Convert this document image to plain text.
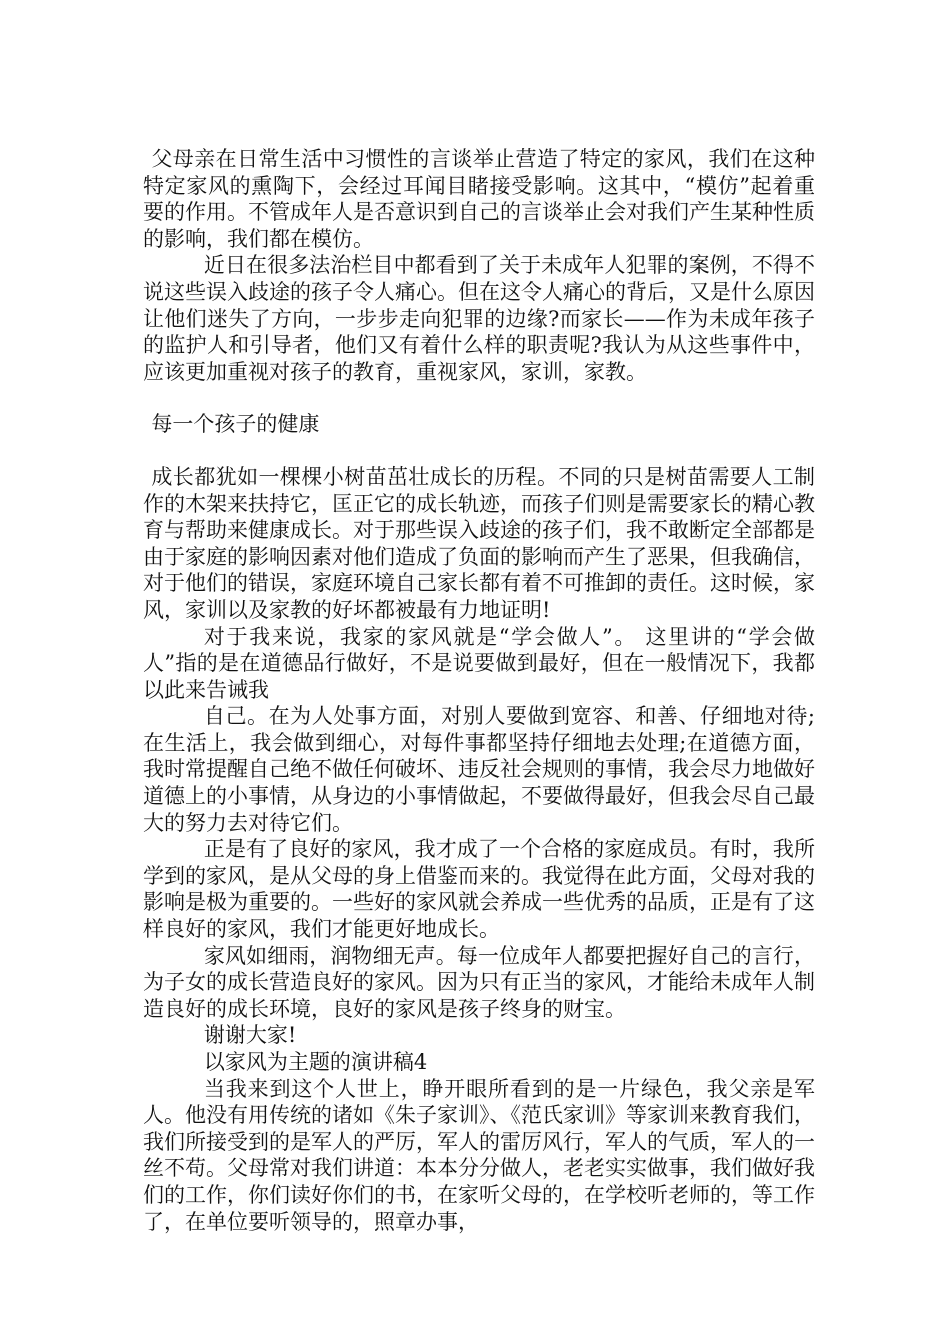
父母亲在日常生活中习惯性的言谈举止营造了特定的家风，我们在这种特定家风的熏陶下，会经过耳闻目睹接受影响。这其中，“模仿”起着重要的作用。不管成年人是否意识到自己的言谈举止会对我们产生某种性质的影响，我们都在模仿。

近日在很多法治栏目中都看到了关于未成年人犯罪的案例，不得不说这些误入歧途的孩子令人痛心。但在这令人痛心的背后，又是什么原因让他们迷失了方向，一步步走向犯罪的边缘?而家长——作为未成年孩子的监护人和引导者，他们又有着什么样的职责呢?我认为从这些事件中，应该更加重视对孩子的教育，重视家风，家训，家教。

每一个孩子的健康

成长都犹如一棵棵小树苗茁壮成长的历程。不同的只是树苗需要人工制作的木架来扶持它，匡正它的成长轨迹，而孩子们则是需要家长的精心教育与帮助来健康成长。对于那些误入歧途的孩子们，我不敢断定全部都是由于家庭的影响因素对他们造成了负面的影响而产生了恶果，但我确信，对于他们的错误，家庭环境自己家长都有着不可推卸的责任。这时候，家风，家训以及家教的好坏都被最有力地证明!

对于我来说，我家的家风就是“学会做人”。 这里讲的“学会做人”指的是在道德品行做好，不是说要做到最好，但在一般情况下，我都以此来告诫我

自己。在为人处事方面，对别人要做到宽容、和善、仔细地对待;在生活上，我会做到细心，对每件事都坚持仔细地去处理;在道德方面，我时常提醒自己绝不做任何破坏、违反社会规则的事情，我会尽力地做好道德上的小事情，从身边的小事情做起，不要做得最好，但我会尽自己最大的努力去对待它们。

正是有了良好的家风，我才成了一个合格的家庭成员。有时，我所学到的家风，是从父母的身上借鉴而来的。我觉得在此方面，父母对我的影响是极为重要的。一些好的家风就会养成一些优秀的品质，正是有了这样良好的家风，我们才能更好地成长。

家风如细雨，润物细无声。每一位成年人都要把握好自己的言行，为子女的成长营造良好的家风。因为只有正当的家风，才能给未成年人制造良好的成长环境，良好的家风是孩子终身的财宝。

谢谢大家!

以家风为主题的演讲稿4

当我来到这个人世上，睁开眼所看到的是一片绿色，我父亲是军人。他没有用传统的诸如《朱子家训》、《范氏家训》等家训来教育我们，我们所接受到的是军人的严厉，军人的雷厉风行，军人的气质，军人的一丝不苟。父母常对我们讲道：本本分分做人，老老实实做事，我们做好我们的工作，你们读好你们的书，在家听父母的，在学校听老师的，等工作了，在单位要听领导的，照章办事，
